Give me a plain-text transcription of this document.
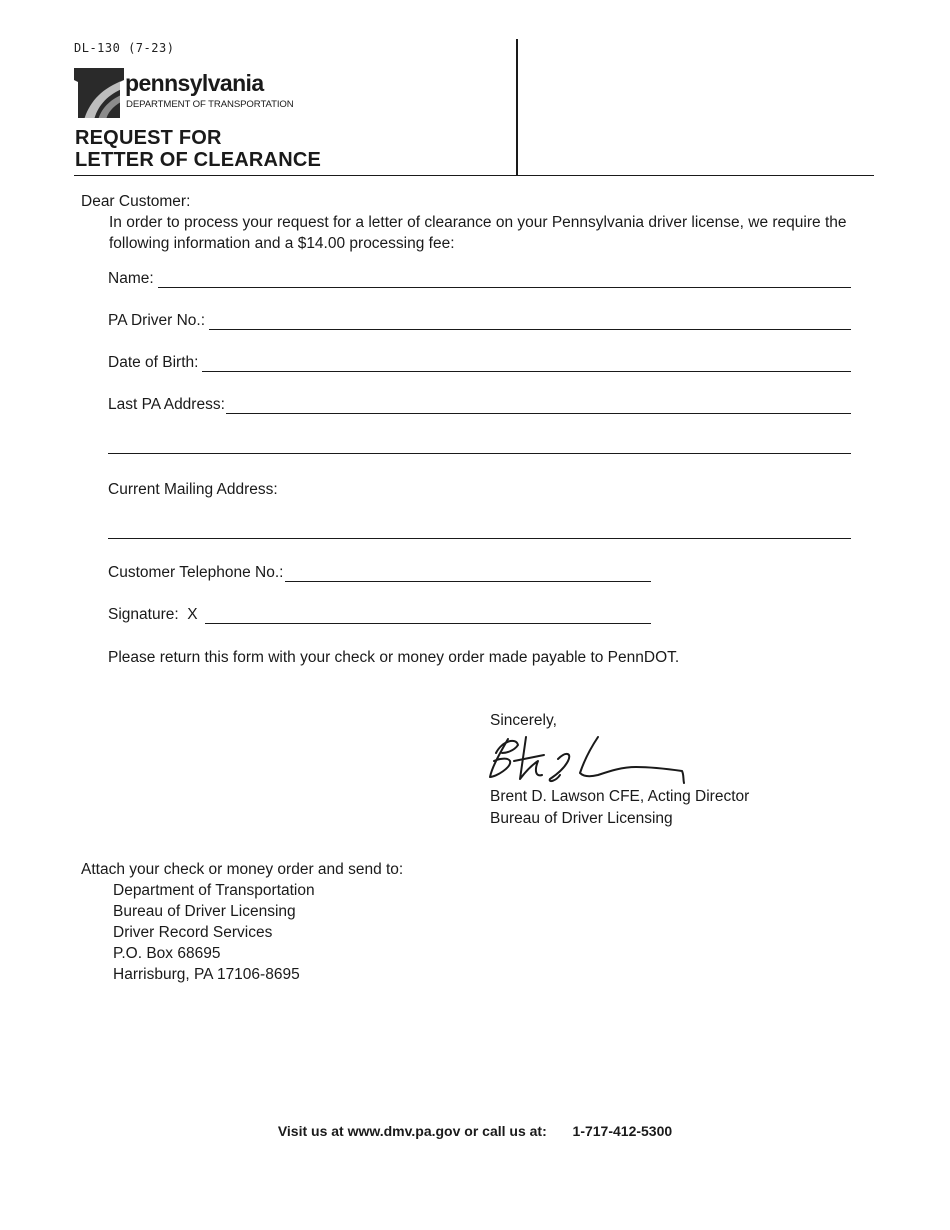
DL-130 (7-23)
pennsylvania
DEPARTMENT OF TRANSPORTATION
REQUEST FOR
LETTER OF CLEARANCE
Dear Customer:
In order to process your request for a letter of clearance on your Pennsylvania driver license, we require the following information and a $14.00 processing fee:
Name:
PA Driver No.:
Date of Birth:
Last PA Address:
Current Mailing Address:
Customer Telephone No.:
Signature:  X
Please return this form with your check or money order made payable to PennDOT.
Sincerely,
Brent D. Lawson CFE, Acting Director
Bureau of Driver Licensing
Attach your check or money order and send to:
Department of Transportation
Bureau of Driver Licensing
Driver Record Services
P.O. Box 68695
Harrisburg, PA 17106-8695
Visit us at www.dmv.pa.gov or call us at: 1-717-412-5300
